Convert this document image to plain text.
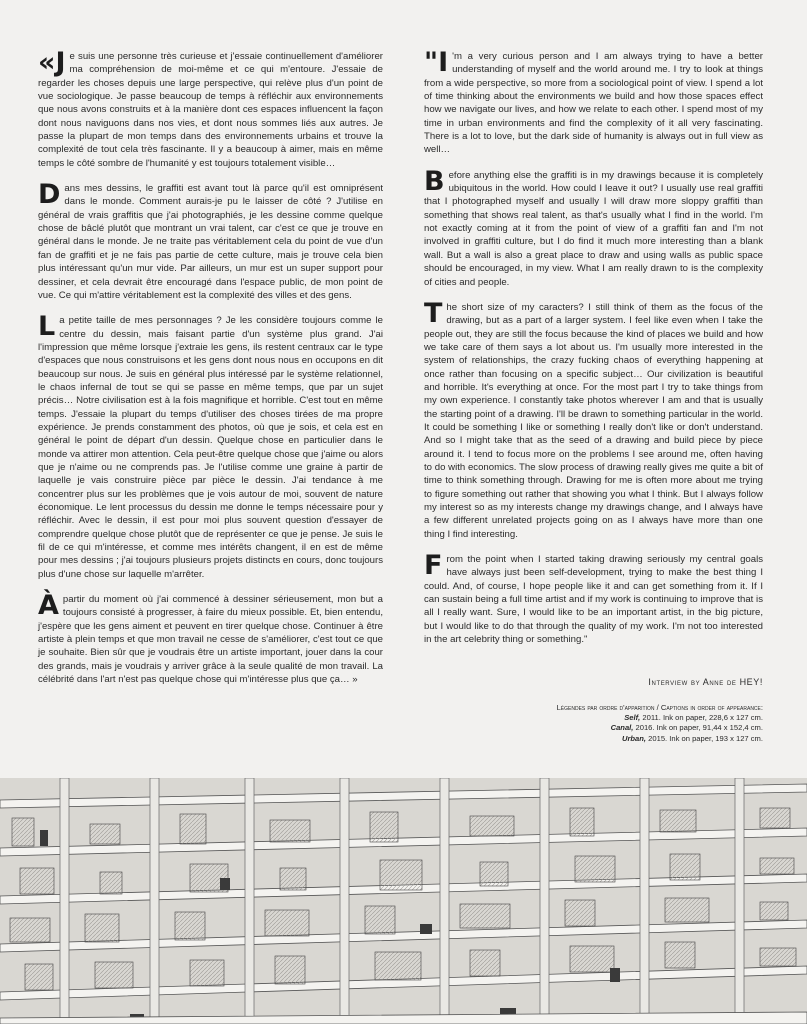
«Je suis une personne très curieuse et j'essaie continuellement d'améliorer ma compréhension de moi-même et ce qui m'entoure. J'essaie de regarder les choses depuis une large perspective, qui relève plus d'un point de vue sociologique. Je passe beaucoup de temps à réfléchir aux environnements que nous avons construits et à la manière dont ces espaces influencent la façon dont nous naviguons dans nos vies, et dont nous sommes liés aux autres. Je passe la plupart de mon temps dans des environnements urbains et trouve la complexité de tout cela très fascinante. Il y a beaucoup à aimer, mais en même temps le côté sombre de l'humanité y est toujours totalement visible…

Dans mes dessins, le graffiti est avant tout là parce qu'il est omniprésent dans le monde. Comment aurais-je pu le laisser de côté ? J'utilise en général de vrais graffitis que j'ai photographiés, je les dessine comme quelque chose de bâclé plutôt que montrant un vrai talent, car c'est ce que je trouve en général dans le monde. Je ne traite pas véritablement cela du point de vue d'un fan de graffiti et je ne fais pas partie de cette culture, mais je trouve cela bien plus intéressant qu'un mur vide. Par ailleurs, un mur est un super support pour dessiner, et cela devrait être encouragé dans l'espace public, de mon point de vue. Ce qui m'attire véritablement est la complexité des villes et des gens.

La petite taille de mes personnages ? Je les considère toujours comme le centre du dessin, mais faisant partie d'un système plus grand. J'ai l'impression que même lorsque j'extraie les gens, ils restent centraux car le type d'espaces que nous construisons et les gens dont nous nous en occupons en dit beaucoup sur nous. Je suis en général plus intéressé par le système relationnel, le chaos infernal de tout se qui se passe en même temps, que par un sujet précis… Notre civilisation est à la fois magnifique et horrible. C'est tout en même temps. J'essaie la plupart du temps d'utiliser des choses tirées de ma propre expérience. Je prends constamment des photos, où que je sois, et cela est en général le point de départ d'un dessin. Quelque chose en particulier dans le monde va attirer mon attention. Cela peut-être quelque chose que j'aime ou alors que je n'aime ou ne comprends pas. Je l'utilise comme une graine à partir de laquelle je vais construire pièce par pièce le dessin. J'ai tendance à me concentrer plus sur les problèmes que je vois autour de moi, souvent de nature économique. Le lent processus du dessin me donne le temps nécessaire pour y réfléchir. Avec le dessin, il est pour moi plus souvent question d'essayer de comprendre quelque chose plutôt que de représenter ce que je pense. Je suis le fil de ce qui m'intéresse, et comme mes intérêts changent, il en est de même pour mes dessins ; j'ai toujours plusieurs projets distincts en cours, donc toujours plus d'une chose sur laquelle m'arrêter.

À partir du moment où j'ai commencé à dessiner sérieusement, mon but a toujours consisté à progresser, à faire du mieux possible. Et, bien entendu, j'espère que les gens aiment et peuvent en tirer quelque chose. Continuer à être artiste à plein temps et que mon travail ne cesse de s'améliorer, c'est tout ce que je souhaite. Bien sûr que je voudrais être un artiste important, jouer dans la cour des grands, mais je voudrais y arriver grâce à la seule qualité de mon travail. La célébrité dans l'art n'est pas quelque chose qui m'intéresse plus que ça… »

"I 'm a very curious person and I am always trying to have a better understanding of myself and the world around me. I try to look at things from a wide perspective, so more from a sociological point of view. I spend a lot of time thinking about the environments we build and how those spaces effect how we navigate our lives, and how we relate to each other. I spend most of my time in urban environments and find the complexity of it all very fascinating. There is a lot to love, but the dark side of humanity is always out in full view as well…

Before anything else the graffiti is in my drawings because it is completely ubiquitous in the world. How could I leave it out? I usually use real graffiti that I photographed myself and usually I will draw more sloppy graffiti than something that shows real talent, as that's usually what I find in the world. I'm not exactly coming at it from the point of view of a graffiti fan and I'm not involved in graffiti culture, but I do find it much more interesting than a blank wall. But a wall is also a great place to draw and using walls as public space should be encouraged, in my view. What I am really drawn to is the complexity of cities and people.

The short size of my caracters? I still think of them as the focus of the drawing, but as a part of a larger system. I feel like even when I take the people out, they are still the focus because the kind of places we build and how we take care of them says a lot about us. I'm usually more interested in the system of relationships, the crazy fucking chaos of everything happening at once rather than focusing on a specific subject… Our civilization is beautiful and horrible. It's everything at once. For the most part I try to take things from my own experience. I constantly take photos wherever I am and that is usually the starting point of a drawing. I'll be drawn to something particular in the world. It could be something I like or something I really don't like or don't understand. And so I might take that as the seed of a drawing and build piece by piece around it. I tend to focus more on the problems I see around me, often having to do with economics. The slow process of drawing really gives me quite a bit of time to think something through. Drawing for me is often more about me trying to figure something out rather that showing you what I think. But I always follow my interest so as my interests change my drawings change, and I always have a few different unrelated projects going on as I always have more than one thing I find interesting.

From the point when I started taking drawing seriously my central goals have always just been self-development, trying to make the best thing I could. And, of course, I hope people like it and can get something from it. If I can sustain being a full time artist and if my work is continuing to improve that is all I really want. Sure, I would like to be an important artist, in the big picture, but I would like to do that through the quality of my work. I'm not too interested in the art celebrity thing or something."

Interview by Anne de HEY!
Légendes par ordre d'apparition / Captions in order of appearance:
Self, 2011. Ink on paper, 228,6 x 127 cm.
Canal, 2016. Ink on paper, 91,44 x 152,4 cm.
Urban, 2015. Ink on paper, 193 x 127 cm.
